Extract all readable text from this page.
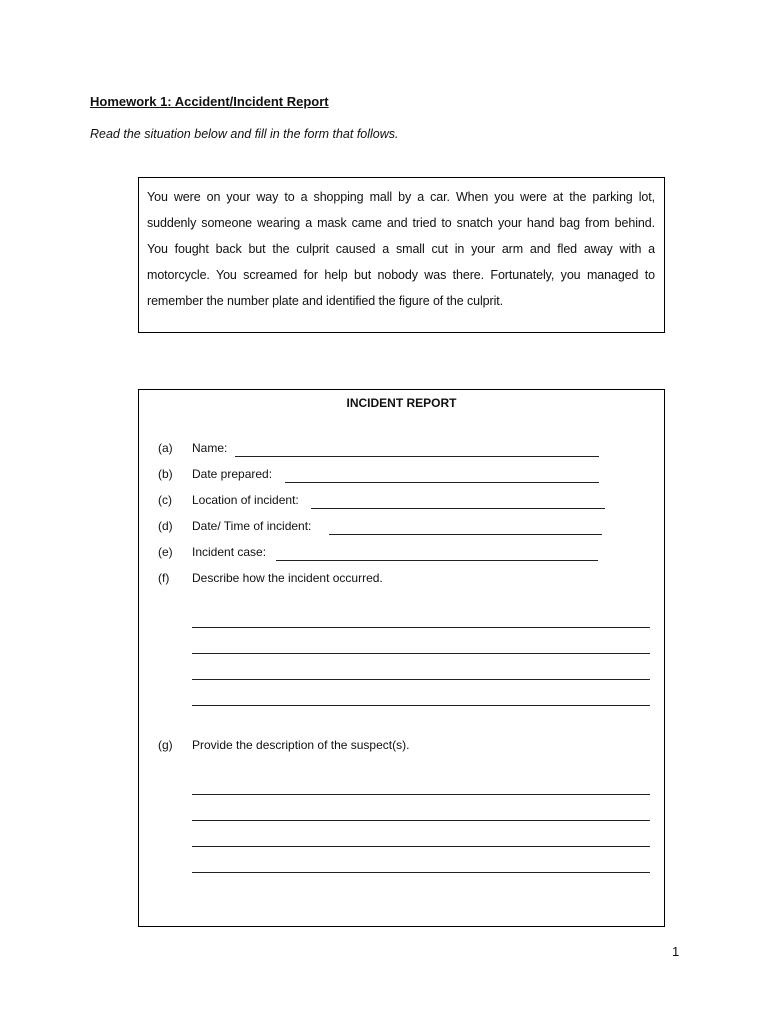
Homework 1: Accident/Incident Report
Read the situation below and fill in the form that follows.

You were on your way to a shopping mall by a car. When you were at the parking lot, suddenly someone wearing a mask came and tried to snatch your hand bag from behind. You fought back but the culprit caused a small cut in your arm and fled away with a motorcycle. You screamed for help but nobody was there. Fortunately, you managed to remember the number plate and identified the figure of the culprit.

INCIDENT REPORT
(a) Name:
(b) Date prepared:
(c) Location of incident:
(d) Date/ Time of incident:
(e) Incident case:
(f) Describe how the incident occurred.
(g) Provide the description of the suspect(s).
1
